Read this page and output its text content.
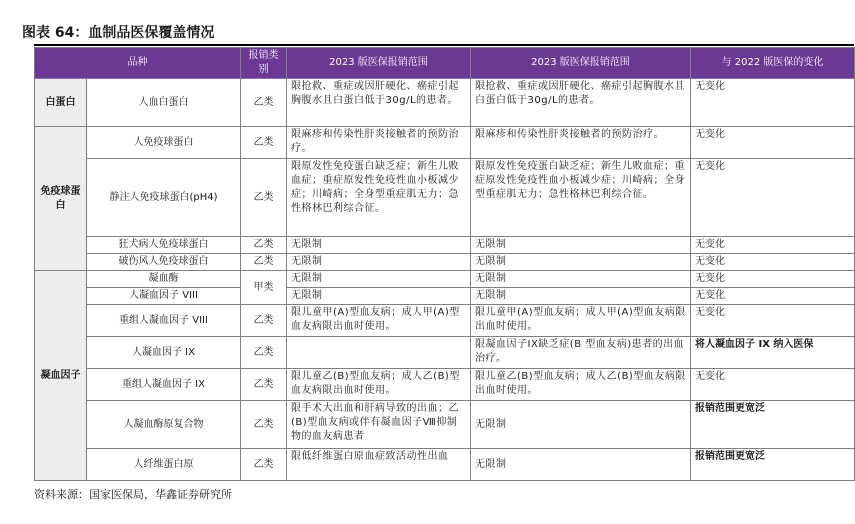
图表 64：血制品医保覆盖情况
品种		报销类别	2023 版医保报销范围	2023 版医保报销范围	与 2022 版医保的变化
白蛋白	人血白蛋白	乙类	限抢救、重症或因肝硬化、癌症引起胸腹水且白蛋白低于30g/L的患者。	限抢救、重症或因肝硬化、癌症引起胸腹水且白蛋白低于30g/L的患者。	无变化
免疫球蛋白	人免疫球蛋白	乙类	限麻疹和传染性肝炎接触者的预防治疗。	限麻疹和传染性肝炎接触者的预防治疗。	无变化
	静注人免疫球蛋白(pH4)	乙类	限原发性免疫蛋白缺乏症；新生儿败血症；重症原发性免疫性血小板减少症；川崎病；全身型重症肌无力；急性格林巴利综合征。	限原发性免疫蛋白缺乏症；新生儿败血症；重症原发性免疫性血小板减少症；川崎病；全身型重症肌无力；急性格林巴利综合征。	无变化
	狂犬病人免疫球蛋白	乙类	无限制	无限制	无变化
	破伤风人免疫球蛋白	乙类	无限制	无限制	无变化
凝血因子	凝血酶	甲类	无限制	无限制	无变化
	人凝血因子 VIII		无限制	无限制	无变化
	重组人凝血因子 VIII	乙类	限儿童甲(A)型血友病；成人甲(A)型血友病限出血时使用。	限儿童甲(A)型血友病；成人甲(A)型血友病限出血时使用。	无变化
	人凝血因子 IX	乙类		限凝血因子IX缺乏症(B 型血友病)患者的出血治疗。	将人凝血因子 IX 纳入医保
	重组人凝血因子 IX	乙类	限儿童乙(B)型血友病；成人乙(B)型血友病限出血时使用。	限儿童乙(B)型血友病；成人乙(B)型血友病限出血时使用。	无变化
	人凝血酶原复合物	乙类	限手术大出血和肝病导致的出血；乙(B)型血友病或伴有凝血因子Ⅷ抑制物的血友病患者	无限制	报销范围更宽泛
	人纤维蛋白原	乙类	限低纤维蛋白原血症致活动性出血	无限制	报销范围更宽泛
资料来源：国家医保局，华鑫证券研究所
